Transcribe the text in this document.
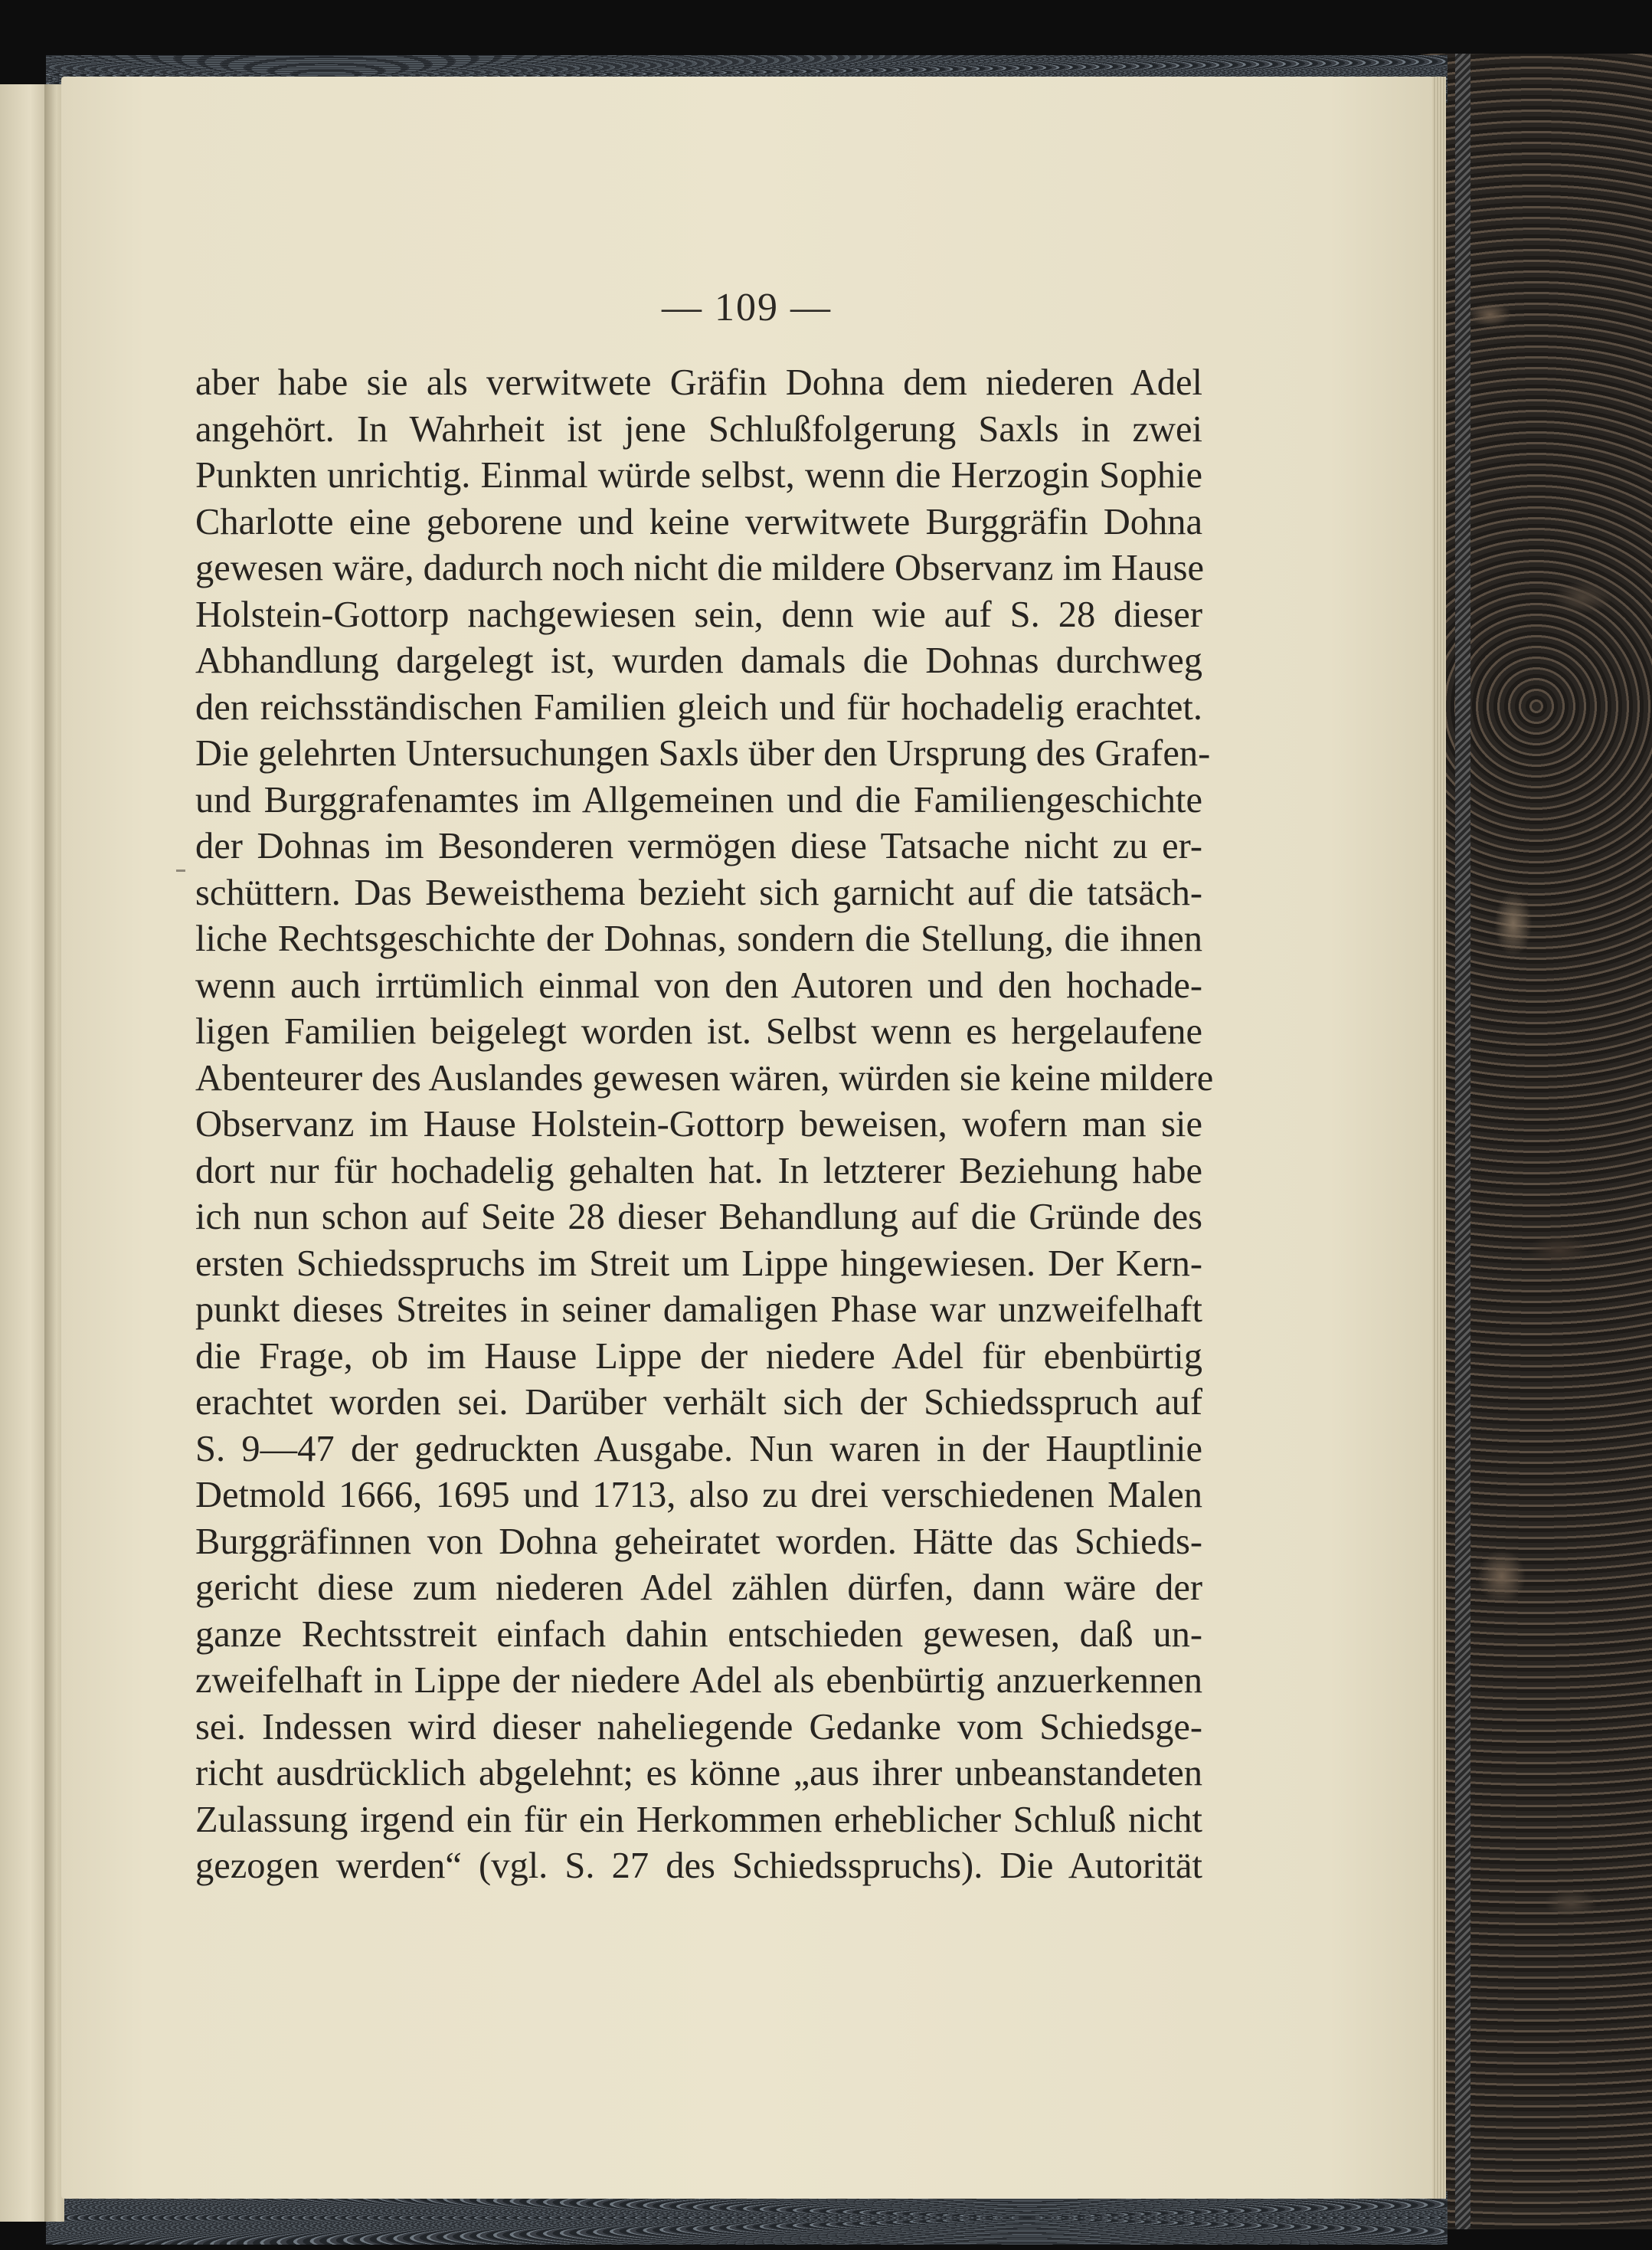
— 109 —
aber habe sie als verwitwete Gräfin Dohna dem niederen Adel
angehört. In Wahrheit ist jene Schlußfolgerung Saxls in zwei
Punkten unrichtig. Einmal würde selbst, wenn die Herzogin Sophie
Charlotte eine geborene und keine verwitwete Burggräfin Dohna
gewesen wäre, dadurch noch nicht die mildere Observanz im Hause
Holstein-Gottorp nachgewiesen sein, denn wie auf S. 28 dieser
Abhandlung dargelegt ist, wurden damals die Dohnas durchweg
den reichsständischen Familien gleich und für hochadelig erachtet.
Die gelehrten Untersuchungen Saxls über den Ursprung des Grafen-
und Burggrafenamtes im Allgemeinen und die Familiengeschichte
der Dohnas im Besonderen vermögen diese Tatsache nicht zu er-
schüttern. Das Beweisthema bezieht sich garnicht auf die tatsäch-
liche Rechtsgeschichte der Dohnas, sondern die Stellung, die ihnen
wenn auch irrtümlich einmal von den Autoren und den hochade-
ligen Familien beigelegt worden ist. Selbst wenn es hergelaufene
Abenteurer des Auslandes gewesen wären, würden sie keine mildere
Observanz im Hause Holstein-Gottorp beweisen, wofern man sie
dort nur für hochadelig gehalten hat. In letzterer Beziehung habe
ich nun schon auf Seite 28 dieser Behandlung auf die Gründe des
ersten Schiedsspruchs im Streit um Lippe hingewiesen. Der Kern-
punkt dieses Streites in seiner damaligen Phase war unzweifelhaft
die Frage, ob im Hause Lippe der niedere Adel für ebenbürtig
erachtet worden sei. Darüber verhält sich der Schiedsspruch auf
S. 9—47 der gedruckten Ausgabe. Nun waren in der Hauptlinie
Detmold 1666, 1695 und 1713, also zu drei verschiedenen Malen
Burggräfinnen von Dohna geheiratet worden. Hätte das Schieds-
gericht diese zum niederen Adel zählen dürfen, dann wäre der
ganze Rechtsstreit einfach dahin entschieden gewesen, daß un-
zweifelhaft in Lippe der niedere Adel als ebenbürtig anzuerkennen
sei. Indessen wird dieser naheliegende Gedanke vom Schiedsge-
richt ausdrücklich abgelehnt; es könne „aus ihrer unbeanstandeten
Zulassung irgend ein für ein Herkommen erheblicher Schluß nicht
gezogen werden“ (vgl. S. 27 des Schiedsspruchs). Die Autorität
